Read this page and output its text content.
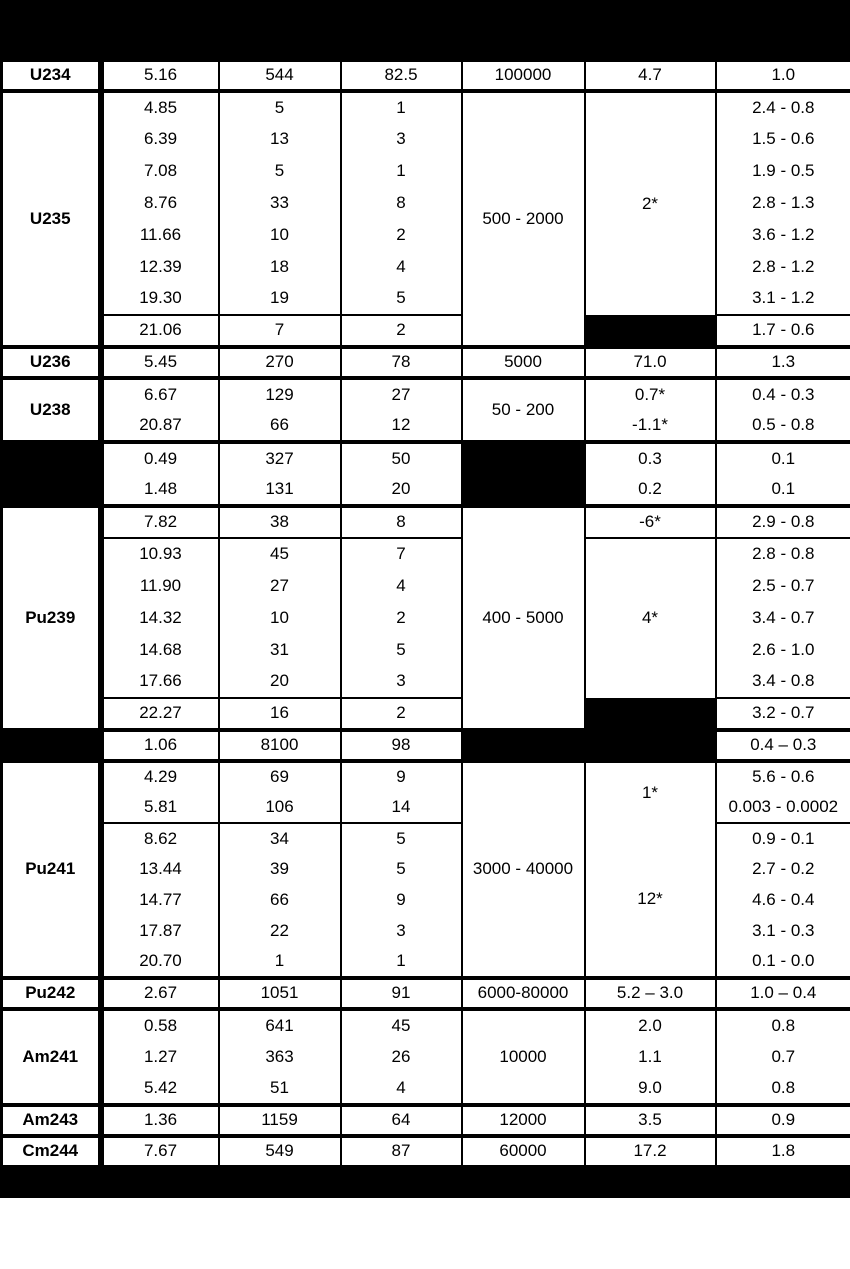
U234	5.16	544	82.5	100000	4.7	1.0
U235	4.85	5	1	500 - 2000	2*	2.4 - 0.8
	6.39	13	3			1.5 - 0.6
	7.08	5	1			1.9 - 0.5
	8.76	33	8			2.8 - 1.3
	11.66	10	2			3.6 - 1.2
	12.39	18	4			2.8 - 1.2
	19.30	19	5			3.1 - 1.2
	21.06	7	2			1.7 - 0.6
U236	5.45	270	78	5000	71.0	1.3
U238	6.67	129	27	50 - 200	0.7*	0.4 - 0.3
	20.87	66	12		-1.1*	0.5 - 0.8
	0.49	327	50		0.3	0.1
	1.48	131	20		0.2	0.1
Pu239	7.82	38	8	400 - 5000	-6*	2.9 - 0.8
	10.93	45	7		4*	2.8 - 0.8
	11.90	27	4			2.5 - 0.7
	14.32	10	2			3.4 - 0.7
	14.68	31	5			2.6 - 1.0
	17.66	20	3			3.4 - 0.8
	22.27	16	2			3.2 - 0.7
	1.06	8100	98			0.4 – 0.3
Pu241	4.29	69	9	3000 - 40000	1*	5.6 - 0.6
	5.81	106	14			0.003 - 0.0002
	8.62	34	5		12*	0.9 - 0.1
	13.44	39	5			2.7 - 0.2
	14.77	66	9			4.6 - 0.4
	17.87	22	3			3.1 - 0.3
	20.70	1	1			0.1 - 0.0
Pu242	2.67	1051	91	6000-80000	5.2 – 3.0	1.0 – 0.4
Am241	0.58	641	45	10000	2.0	0.8
	1.27	363	26		1.1	0.7
	5.42	51	4		9.0	0.8
Am243	1.36	1159	64	12000	3.5	0.9
Cm244	7.67	549	87	60000	17.2	1.8
